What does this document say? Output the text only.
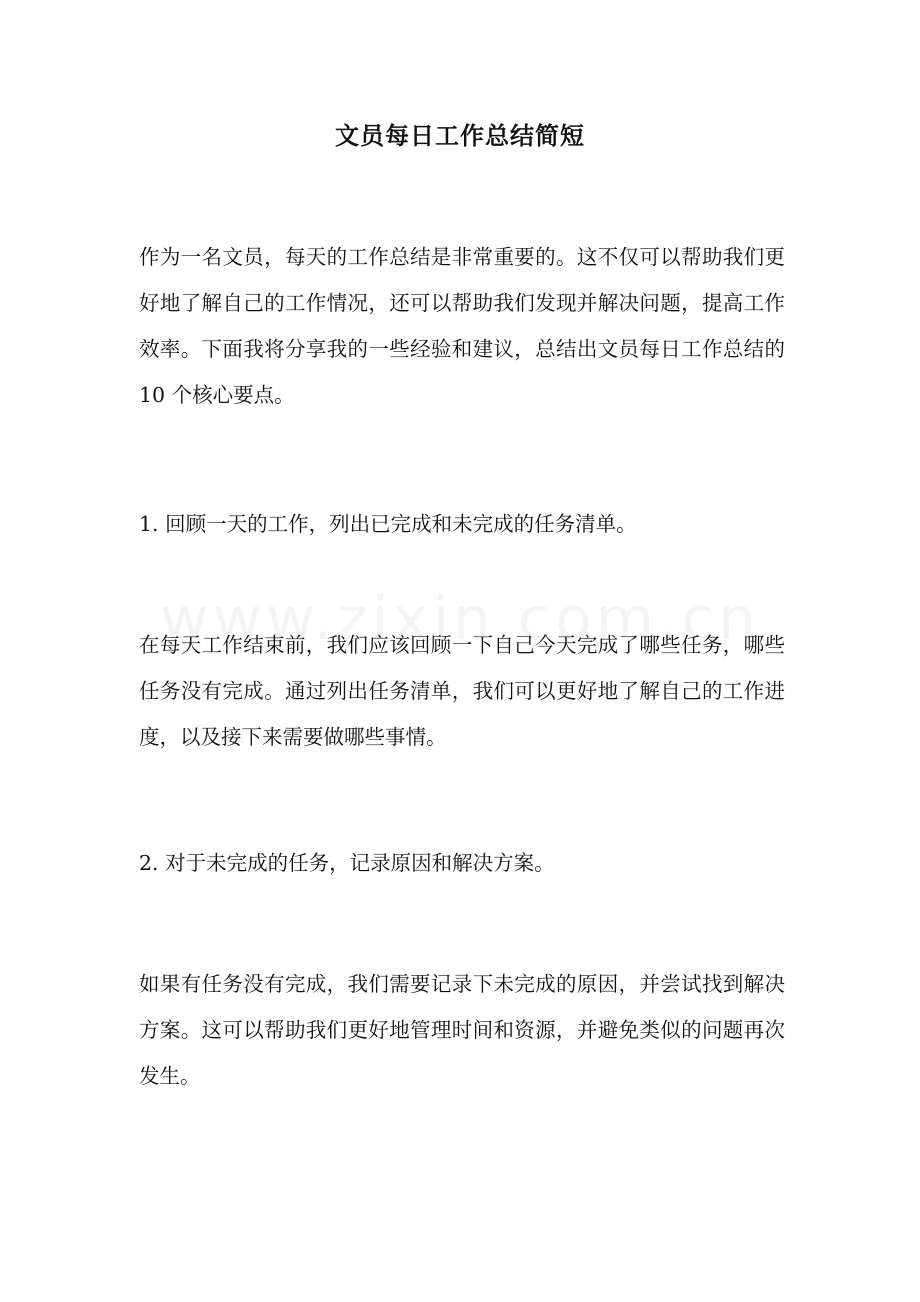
文员每日工作总结简短

作为一名文员，每天的工作总结是非常重要的。这不仅可以帮助我们更好地了解自己的工作情况，还可以帮助我们发现并解决问题，提高工作效率。下面我将分享我的一些经验和建议，总结出文员每日工作总结的 10 个核心要点。

1. 回顾一天的工作，列出已完成和未完成的任务清单。

在每天工作结束前，我们应该回顾一下自己今天完成了哪些任务，哪些任务没有完成。通过列出任务清单，我们可以更好地了解自己的工作进度，以及接下来需要做哪些事情。

2. 对于未完成的任务，记录原因和解决方案。

如果有任务没有完成，我们需要记录下未完成的原因，并尝试找到解决方案。这可以帮助我们更好地管理时间和资源，并避免类似的问题再次发生。
